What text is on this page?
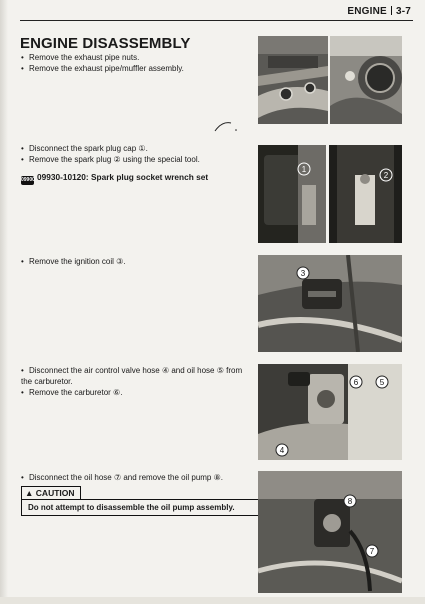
ENGINE 3-7
ENGINE DISASSEMBLY
• Remove the exhaust pipe nuts.
• Remove the exhaust pipe/muffler assembly.
• Disconnect the spark plug cap ①.
• Remove the spark plug ② using the special tool.
09900 09930-10120: Spark plug socket wrench set
• Remove the ignition coil ③.
• Disconnect the air control valve hose ④ and oil hose ⑤ from the carburetor.
• Remove the carburetor ⑥.
• Disconnect the oil hose ⑦ and remove the oil pump ⑧.
▲ CAUTION
Do not attempt to disassemble the oil pump assembly.
1
2
3
6	5
4
8
7
